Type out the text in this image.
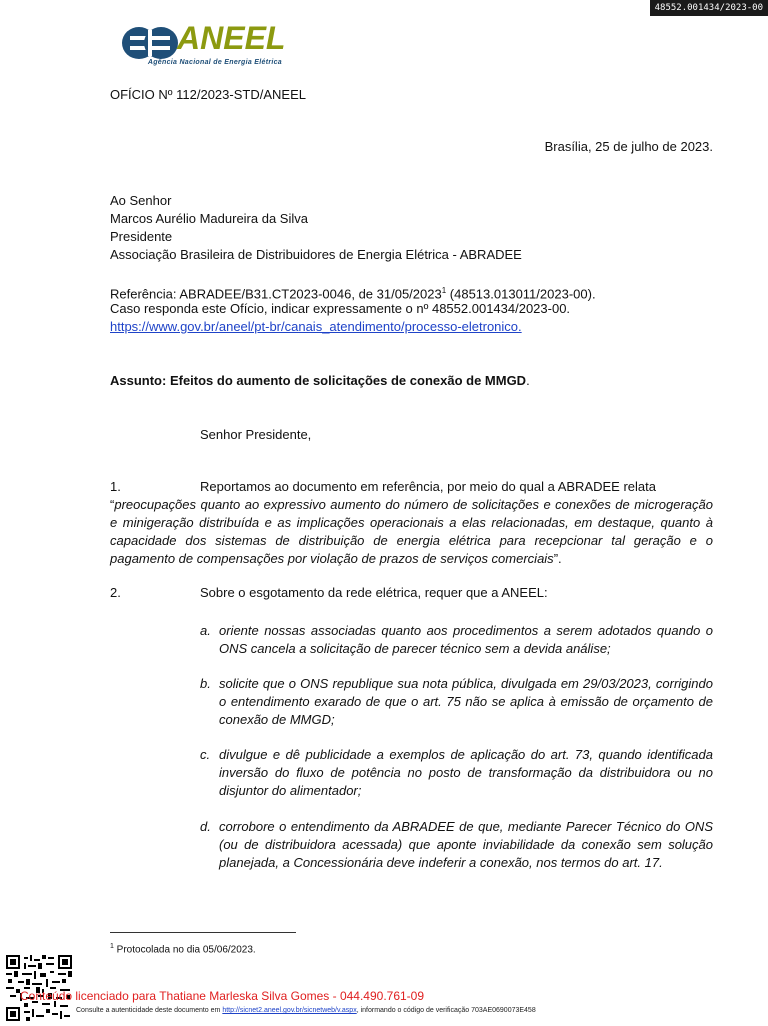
48552.001434/2023-00
ANEEL
Agência Nacional de Energia Elétrica
OFÍCIO Nº 112/2023-STD/ANEEL
Brasília, 25 de julho de 2023.
Ao Senhor
Marcos Aurélio Madureira da Silva
Presidente
Associação Brasileira de Distribuidores de Energia Elétrica - ABRADEE
Referência: ABRADEE/B31.CT2023-0046, de 31/05/2023$^1$ (48513.013011/2023-00).
Caso responda este Ofício, indicar expressamente o nº 48552.001434/2023-00.
https://www.gov.br/aneel/pt-br/canais_atendimento/processo-eletronico.
Assunto: Efeitos do aumento de solicitações de conexão de MMGD.
Senhor Presidente,
1.	Reportamos ao documento em referência, por meio do qual a ABRADEE relata
“preocupações quanto ao expressivo aumento do número de solicitações e conexões de microgeração e minigeração distribuída e as implicações operacionais a elas relacionadas, em destaque, quanto à capacidade dos sistemas de distribuição de energia elétrica para recepcionar tal geração e o pagamento de compensações por violação de prazos de serviços comerciais”.
2.	Sobre o esgotamento da rede elétrica, requer que a ANEEL:
a. oriente nossas associadas quanto aos procedimentos a serem adotados quando o ONS cancela a solicitação de parecer técnico sem a devida análise;
b. solicite que o ONS republique sua nota pública, divulgada em 29/03/2023, corrigindo o entendimento exarado de que o art. 75 não se aplica à emissão de orçamento de conexão de MMGD;
c. divulgue e dê publicidade a exemplos de aplicação do art. 73, quando identificada inversão do fluxo de potência no posto de transformação da distribuidora ou no disjuntor do alimentador;
d. corrobore o entendimento da ABRADEE de que, mediante Parecer Técnico do ONS (ou de distribuidora acessada) que aponte inviabilidade da conexão sem solução planejada, a Concessionária deve indeferir a conexão, nos termos do art. 17.
$^1$ Protocolada no dia 05/06/2023.
Conteúdo licenciado para Thatiane Marleska Silva Gomes - 044.490.761-09
Consulte a autenticidade deste documento em http://sicnet2.aneel.gov.br/sicnetweb/v.aspx, informando o código de verificação 703AE0690073E458
